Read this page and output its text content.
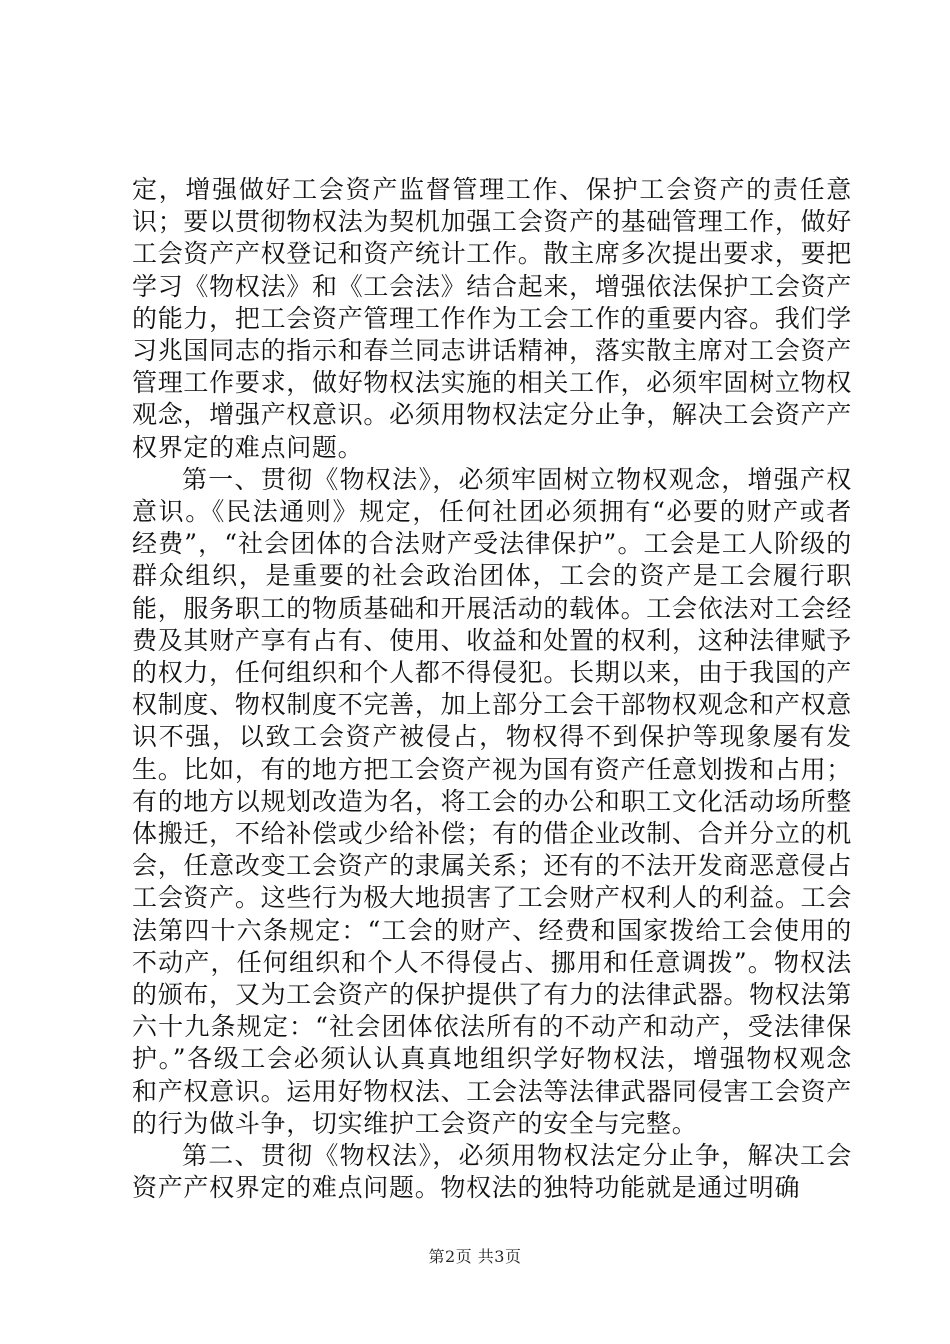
定，增强做好工会资产监督管理工作、保护工会资产的责任意识；要以贯彻物权法为契机加强工会资产的基础管理工作，做好工会资产产权登记和资产统计工作。散主席多次提出要求，要把学习《物权法》和《工会法》结合起来，增强依法保护工会资产的能力，把工会资产管理工作作为工会工作的重要内容。我们学习兆国同志的指示和春兰同志讲话精神，落实散主席对工会资产管理工作要求，做好物权法实施的相关工作，必须牢固树立物权观念，增强产权意识。必须用物权法定分止争，解决工会资产产权界定的难点问题。

第一、贯彻《物权法》，必须牢固树立物权观念，增强产权意识。《民法通则》规定，任何社团必须拥有“必要的财产或者经费”，“社会团体的合法财产受法律保护”。工会是工人阶级的群众组织，是重要的社会政治团体，工会的资产是工会履行职能，服务职工的物质基础和开展活动的载体。工会依法对工会经费及其财产享有占有、使用、收益和处置的权利，这种法律赋予的权力，任何组织和个人都不得侵犯。长期以来，由于我国的产权制度、物权制度不完善，加上部分工会干部物权观念和产权意识不强，以致工会资产被侵占，物权得不到保护等现象屡有发生。比如，有的地方把工会资产视为国有资产任意划拨和占用；有的地方以规划改造为名，将工会的办公和职工文化活动场所整体搬迁，不给补偿或少给补偿；有的借企业改制、合并分立的机会，任意改变工会资产的隶属关系；还有的不法开发商恶意侵占工会资产。这些行为极大地损害了工会财产权利人的利益。工会法第四十六条规定：“工会的财产、经费和国家拨给工会使用的不动产，任何组织和个人不得侵占、挪用和任意调拨”。物权法的颁布，又为工会资产的保护提供了有力的法律武器。物权法第六十九条规定：“社会团体依法所有的不动产和动产，受法律保护。”各级工会必须认认真真地组织学好物权法，增强物权观念和产权意识。运用好物权法、工会法等法律武器同侵害工会资产的行为做斗争，切实维护工会资产的安全与完整。

第二、贯彻《物权法》，必须用物权法定分止争，解决工会资产产权界定的难点问题。物权法的独特功能就是通过明确

第2页 共3页
